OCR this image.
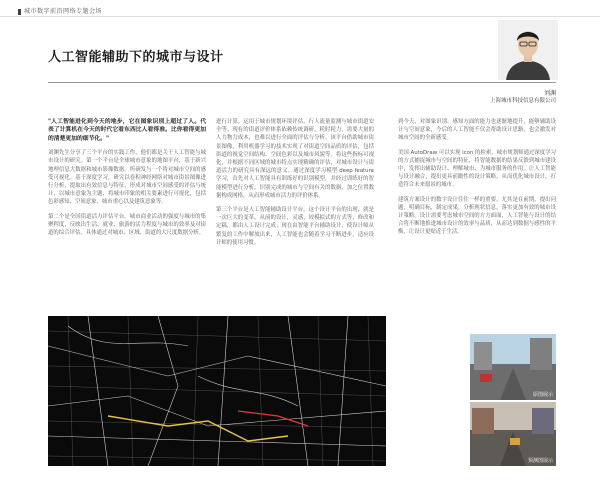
城市数字前沿网络专题会场
人工智能辅助下的城市与设计
刘渊
上海城市科技信息有限公司

"人工智能进化到今天的地步，它在图象识别上超过了人。代表了计算机在今天的时代它看东西比人看得准。比你看得更加的清楚更加的细节化。"

刘渊先生分享了三个平台的实践工作，他们都是关于人工智能与城市设计的研究。第一个平台是全球城市意象的地图平台，基于新兴地理信息大数据和城市影像数据，所研发与一个将对城市空间的感受可视化。基于深度学习，研究以卷积神经网络对城市街景图像进行分析，提取出有效信息与特征，形成对城市空间感受的评估与统计，以城市意象为主题，将城市印象的相关要素进行可视化，包括色彩感知、空间意象、城市重心以及建筑意象等。

第二个是全国街道活力评估平台。城市商业活动的强度与城市的集聚程度，反映出生活、就业、旅游的活力程度与城市的效率及对街道的综合评估。具体通过对城市、区域、街道的大尺度数据分析，

进行计算。运用于城市规划环境评估，行人流量监测与城市街道安全等。现有的街道评价体系依赖传统调研，耗时耗力，需要大量的人力物力成本，也难以进行全面的评估与分析。该平台借助城市街景图像，利用机器学习的技术实现了对街道空间品质的评估，包括街道的视觉空间结构、空间色彩以及城市风貌等。将这些指标可视化，并根据不同区域的城市特点实现精确的评估，对城市设计与街道活力的研究具有深远的意义。通过深度学习模型 deep feature 学习，首先对人工智能具有训练好的识别模型，并经过训练好的智能模型进行分析，识别完成的城市与空间有关的数据，加之位置数据构成网格，从而形成城市活力的评价体系。

第三个平台是人工智能辅助设计平台。这个设计平台的出现，就是一次巨大的变革。从前的设计，灵感，较模拟式的方式等，修改和定稿，都由人工设计完成；现在由智能平台辅助设计，使设计师从繁复的工作中解放出来，人工智能也会随着学习不断进步，适应设计师的使用习惯。

到今天，对图象识别、感知方面的能力也逐渐地提升，能够辅助设计与空间意象，今后的人工智能不仅会帮助设计思路，也会激发对城市空间的全新感受。

美国 AutoDraw 可以实现 icon 的检索，城市规划师通过深度学习的方式捕捉城市与空间的特征，将智能数据的结果反馈到城市建设中，发挥出辅助设计、理解城市、为城市服务的作用。让人工智能与设计融合，提出更具前瞻性的设计策略，从而优化城市设计，打造符合未来愿景的城市。

建筑方案设计的数字设计往往一样的重要，尤其是在前期，提出问题，明确目标，制定成果，分析现状信息，落实更加有效的城市设计策略。设计需要考虑城市空间的方方面面，人工智能与设计的结合将不断地推进城市设计的效率与品质，从而达到数据与感性的平衡，让设计更贴近于生活。

原图展示
预测图展示
